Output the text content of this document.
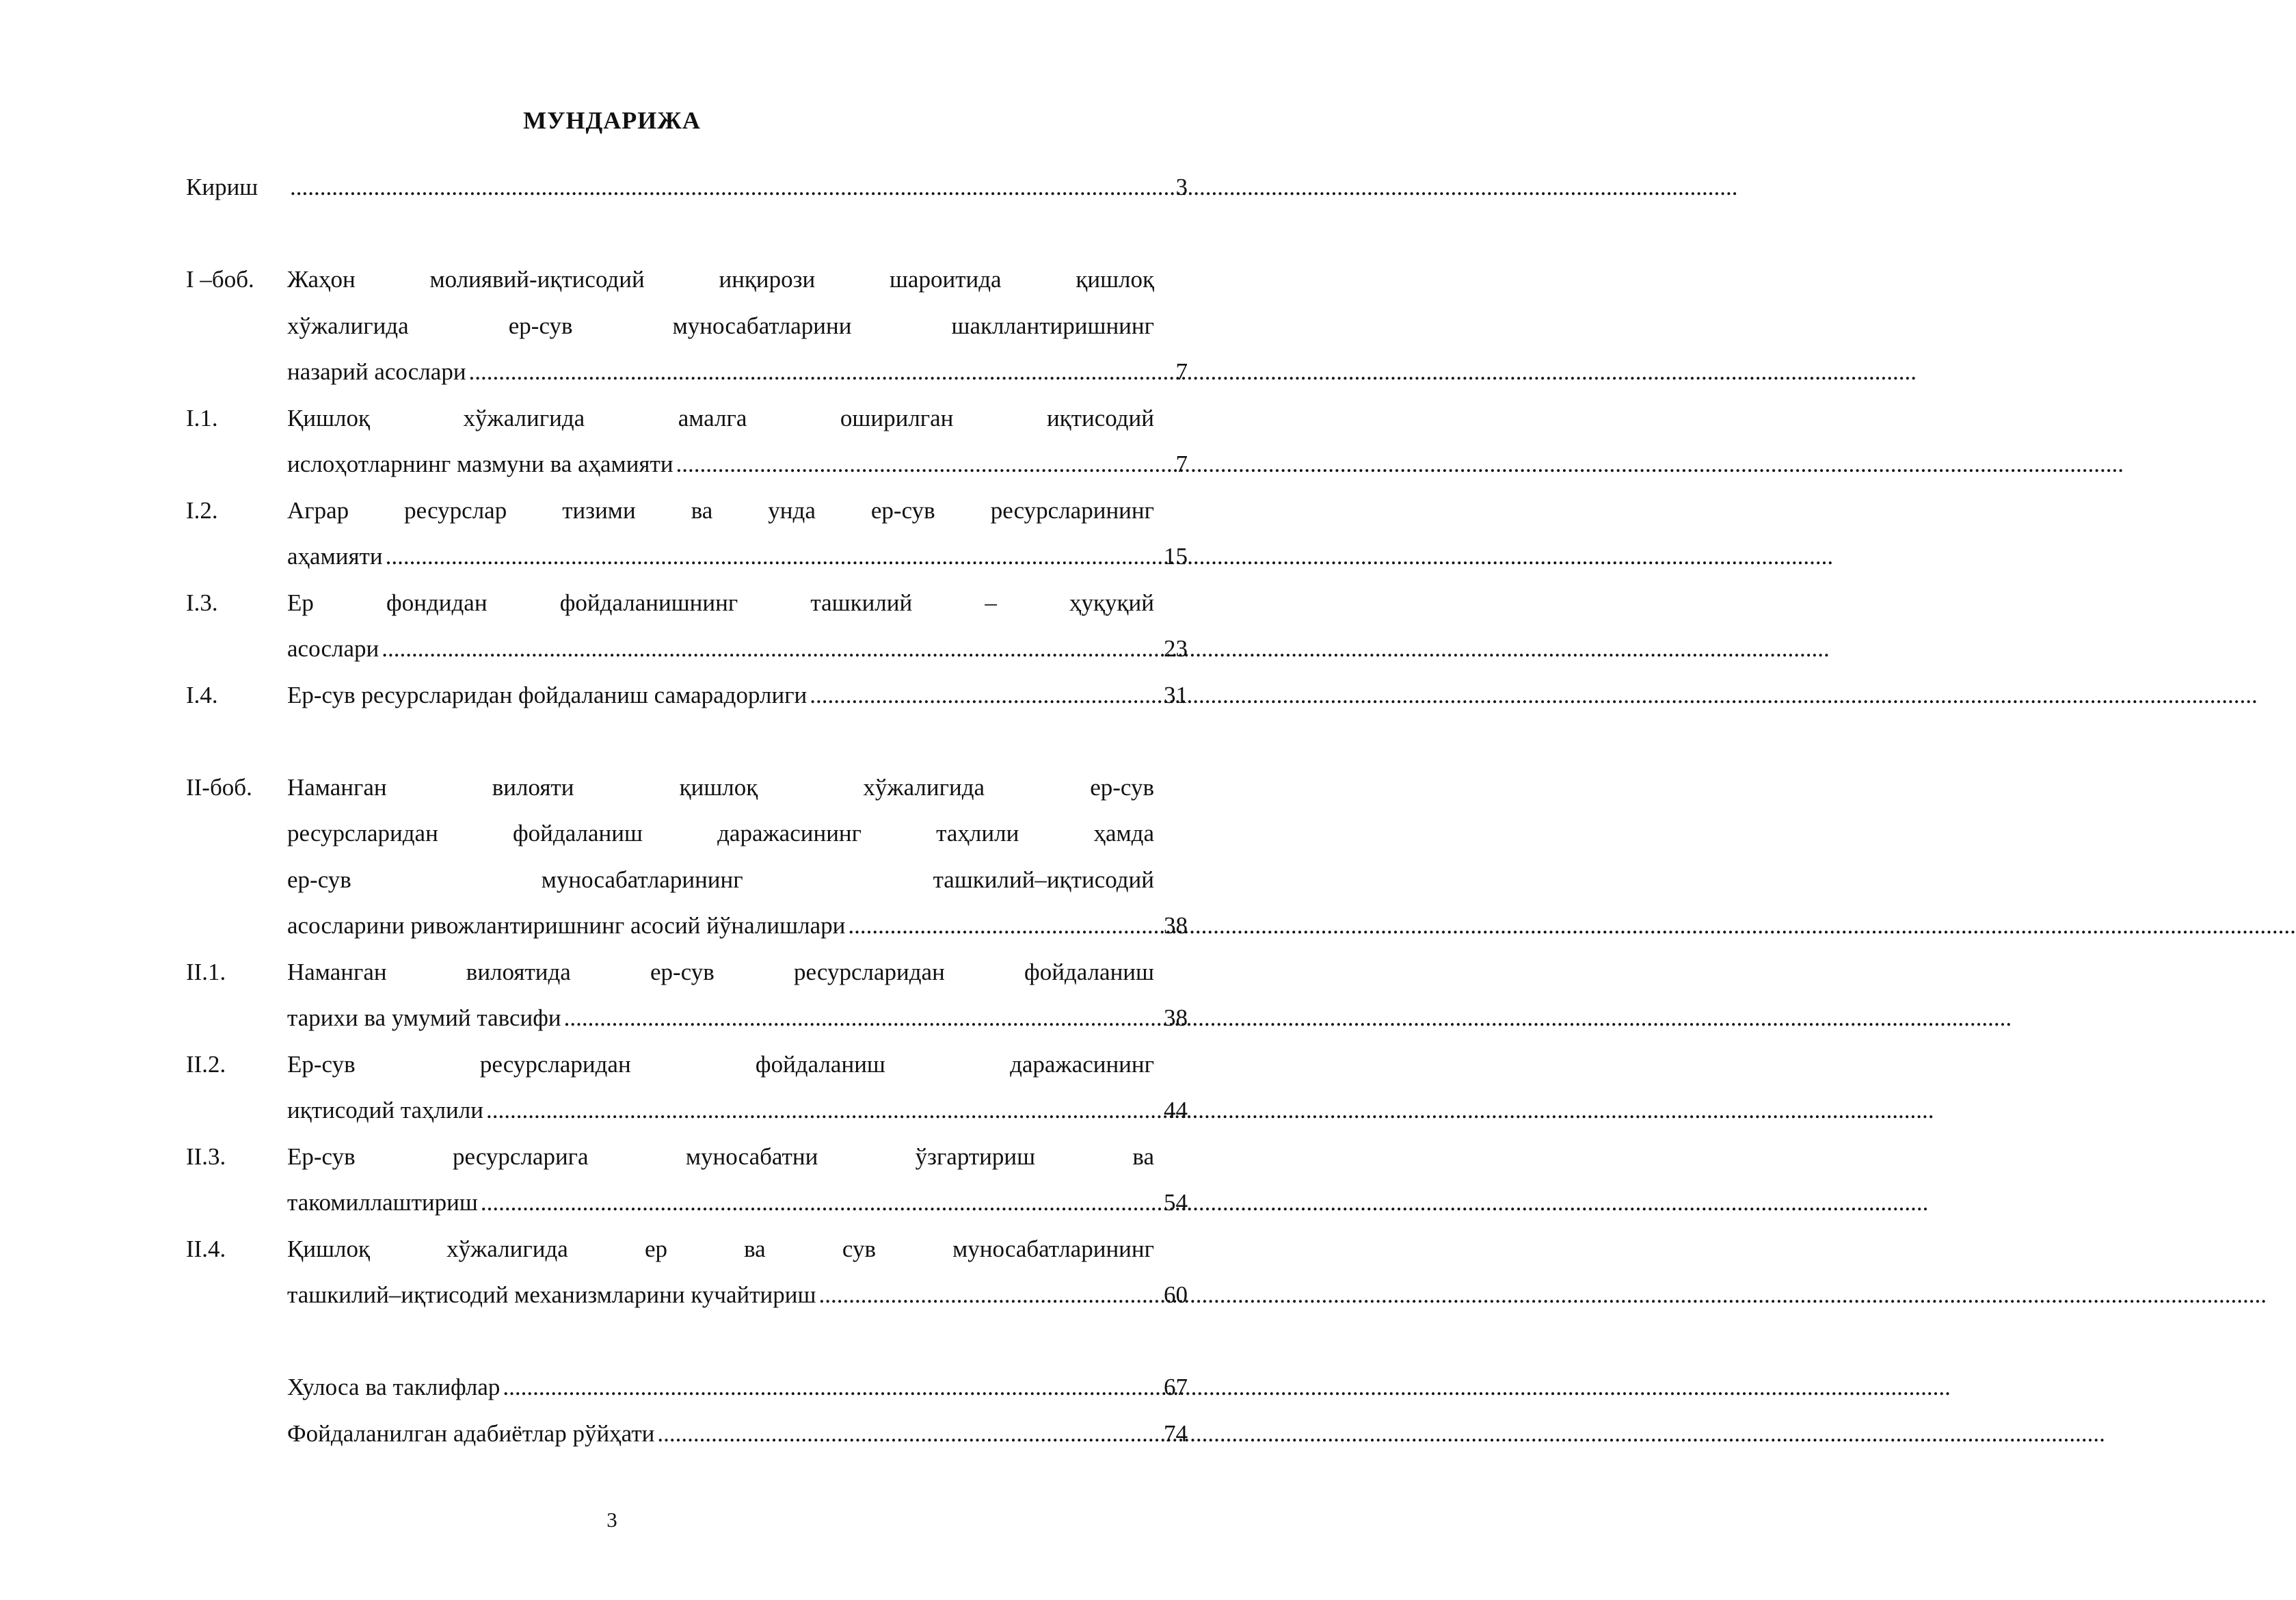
МУНДАРИЖА
Кириш .....	3
I –боб. Жаҳон молиявий-иқтисодий инқирози шароитида қишлоқ
хўжалигида ер-сув муносабатларини шакллантиришнинг
назарий асослари .....	7
I.1.	Қишлоқ хўжалигида амалга оширилган иқтисодий
ислоҳотларнинг мазмуни ва аҳамияти .....	7
I.2.	Аграр ресурслар тизими ва унда ер-сув ресурсларининг
аҳамияти .....	15
I.3.	Ер фондидан фойдаланишнинг ташкилий – ҳуқуқий
асослари .....	23
I.4.	Ер-сув ресурсларидан фойдаланиш самарадорлиги .....	31
II-боб. Наманган вилояти қишлоқ хўжалигида ер-сув
ресурсларидан фойдаланиш даражасининг таҳлили ҳамда
ер-сув муносабатларининг ташкилий–иқтисодий
асосларини ривожлантиришнинг асосий йўналишлари .....	38
II.1.	Наманган вилоятида ер-сув ресурсларидан фойдаланиш
тарихи ва умумий тавсифи .....	38
II.2.	Ер-сув ресурсларидан фойдаланиш даражасининг
иқтисодий таҳлили .....	44
II.3.	Ер-сув ресурсларига муносабатни ўзгартириш ва
такомиллаштириш .....	54
II.4.	Қишлоқ хўжалигида ер ва сув муносабатларининг
ташкилий–иқтисодий механизмларини кучайтириш .....	60
Хулоса ва таклифлар .....	67
Фойдаланилган адабиётлар рўйҳати .....	74
3
